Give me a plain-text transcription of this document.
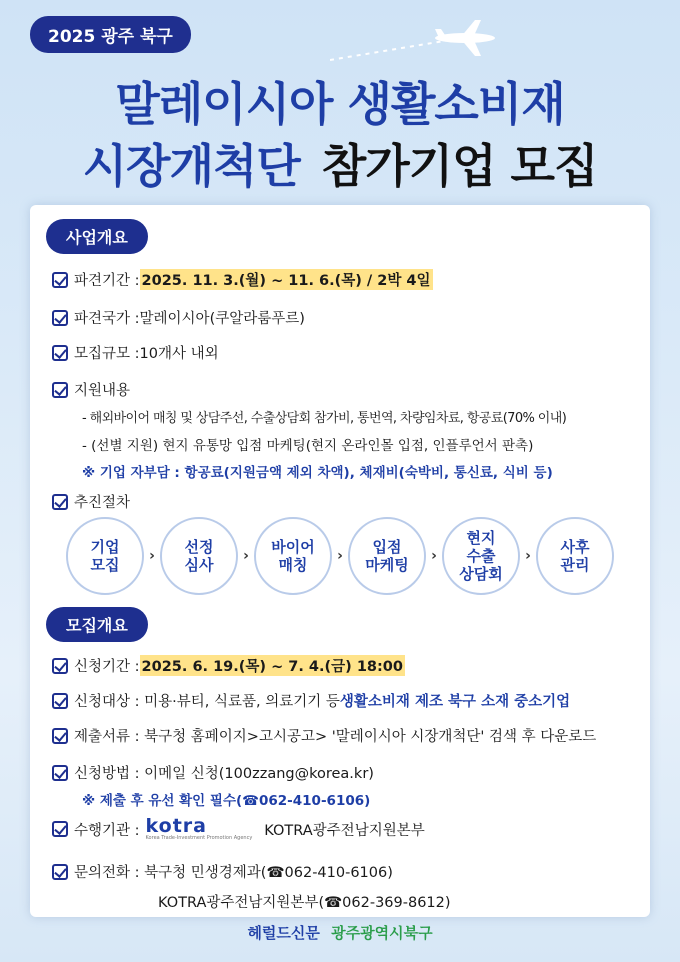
2025 광주 북구
말레이시아 생활소비재
시장개척단 참가기업 모집
사업개요
파견기간 : 2025. 11. 3.(월) ~ 11. 6.(목) / 2박 4일
파견국가 : 말레이시아(쿠알라룸푸르)
모집규모 : 10개사 내외
지원내용
- 해외바이어 매칭 및 상담주선, 수출상담회 참가비, 통번역, 차량임차료, 항공료(70% 이내)
- (선별 지원) 현지 유통망 입점 마케팅(현지 온라인몰 입점, 인플루언서 판촉)
※ 기업 자부담 : 항공료(지원금액 제외 차액), 체재비(숙박비, 통신료, 식비 등)
추진절차
기업
모집	›	선정
심사	›	바이어
매칭	›	입점
마케팅	›
현지
수출
상담회
›	사후
관리
모집개요
신청기간 : 2025. 6. 19.(목) ~ 7. 4.(금) 18:00
신청대상 : 미용·뷰티, 식료품, 의료기기 등 생활소비재 제조 북구 소재 중소기업
제출서류 : 북구청 홈페이지>고시공고> '말레이시아 시장개척단' 검색 후 다운로드
신청방법 : 이메일 신청(100zzang@korea.kr)
※ 제출 후 유선 확인 필수(☎062-410-6106)
수행기관 : kotra
Korea Trade-Investment Promotion Agency KOTRA광주전남지원본부
문의전화 : 북구청 민생경제과(☎062-410-6106)
KOTRA광주전남지원본부(☎062-369-8612)
헤럴드신문 광주광역시북구
